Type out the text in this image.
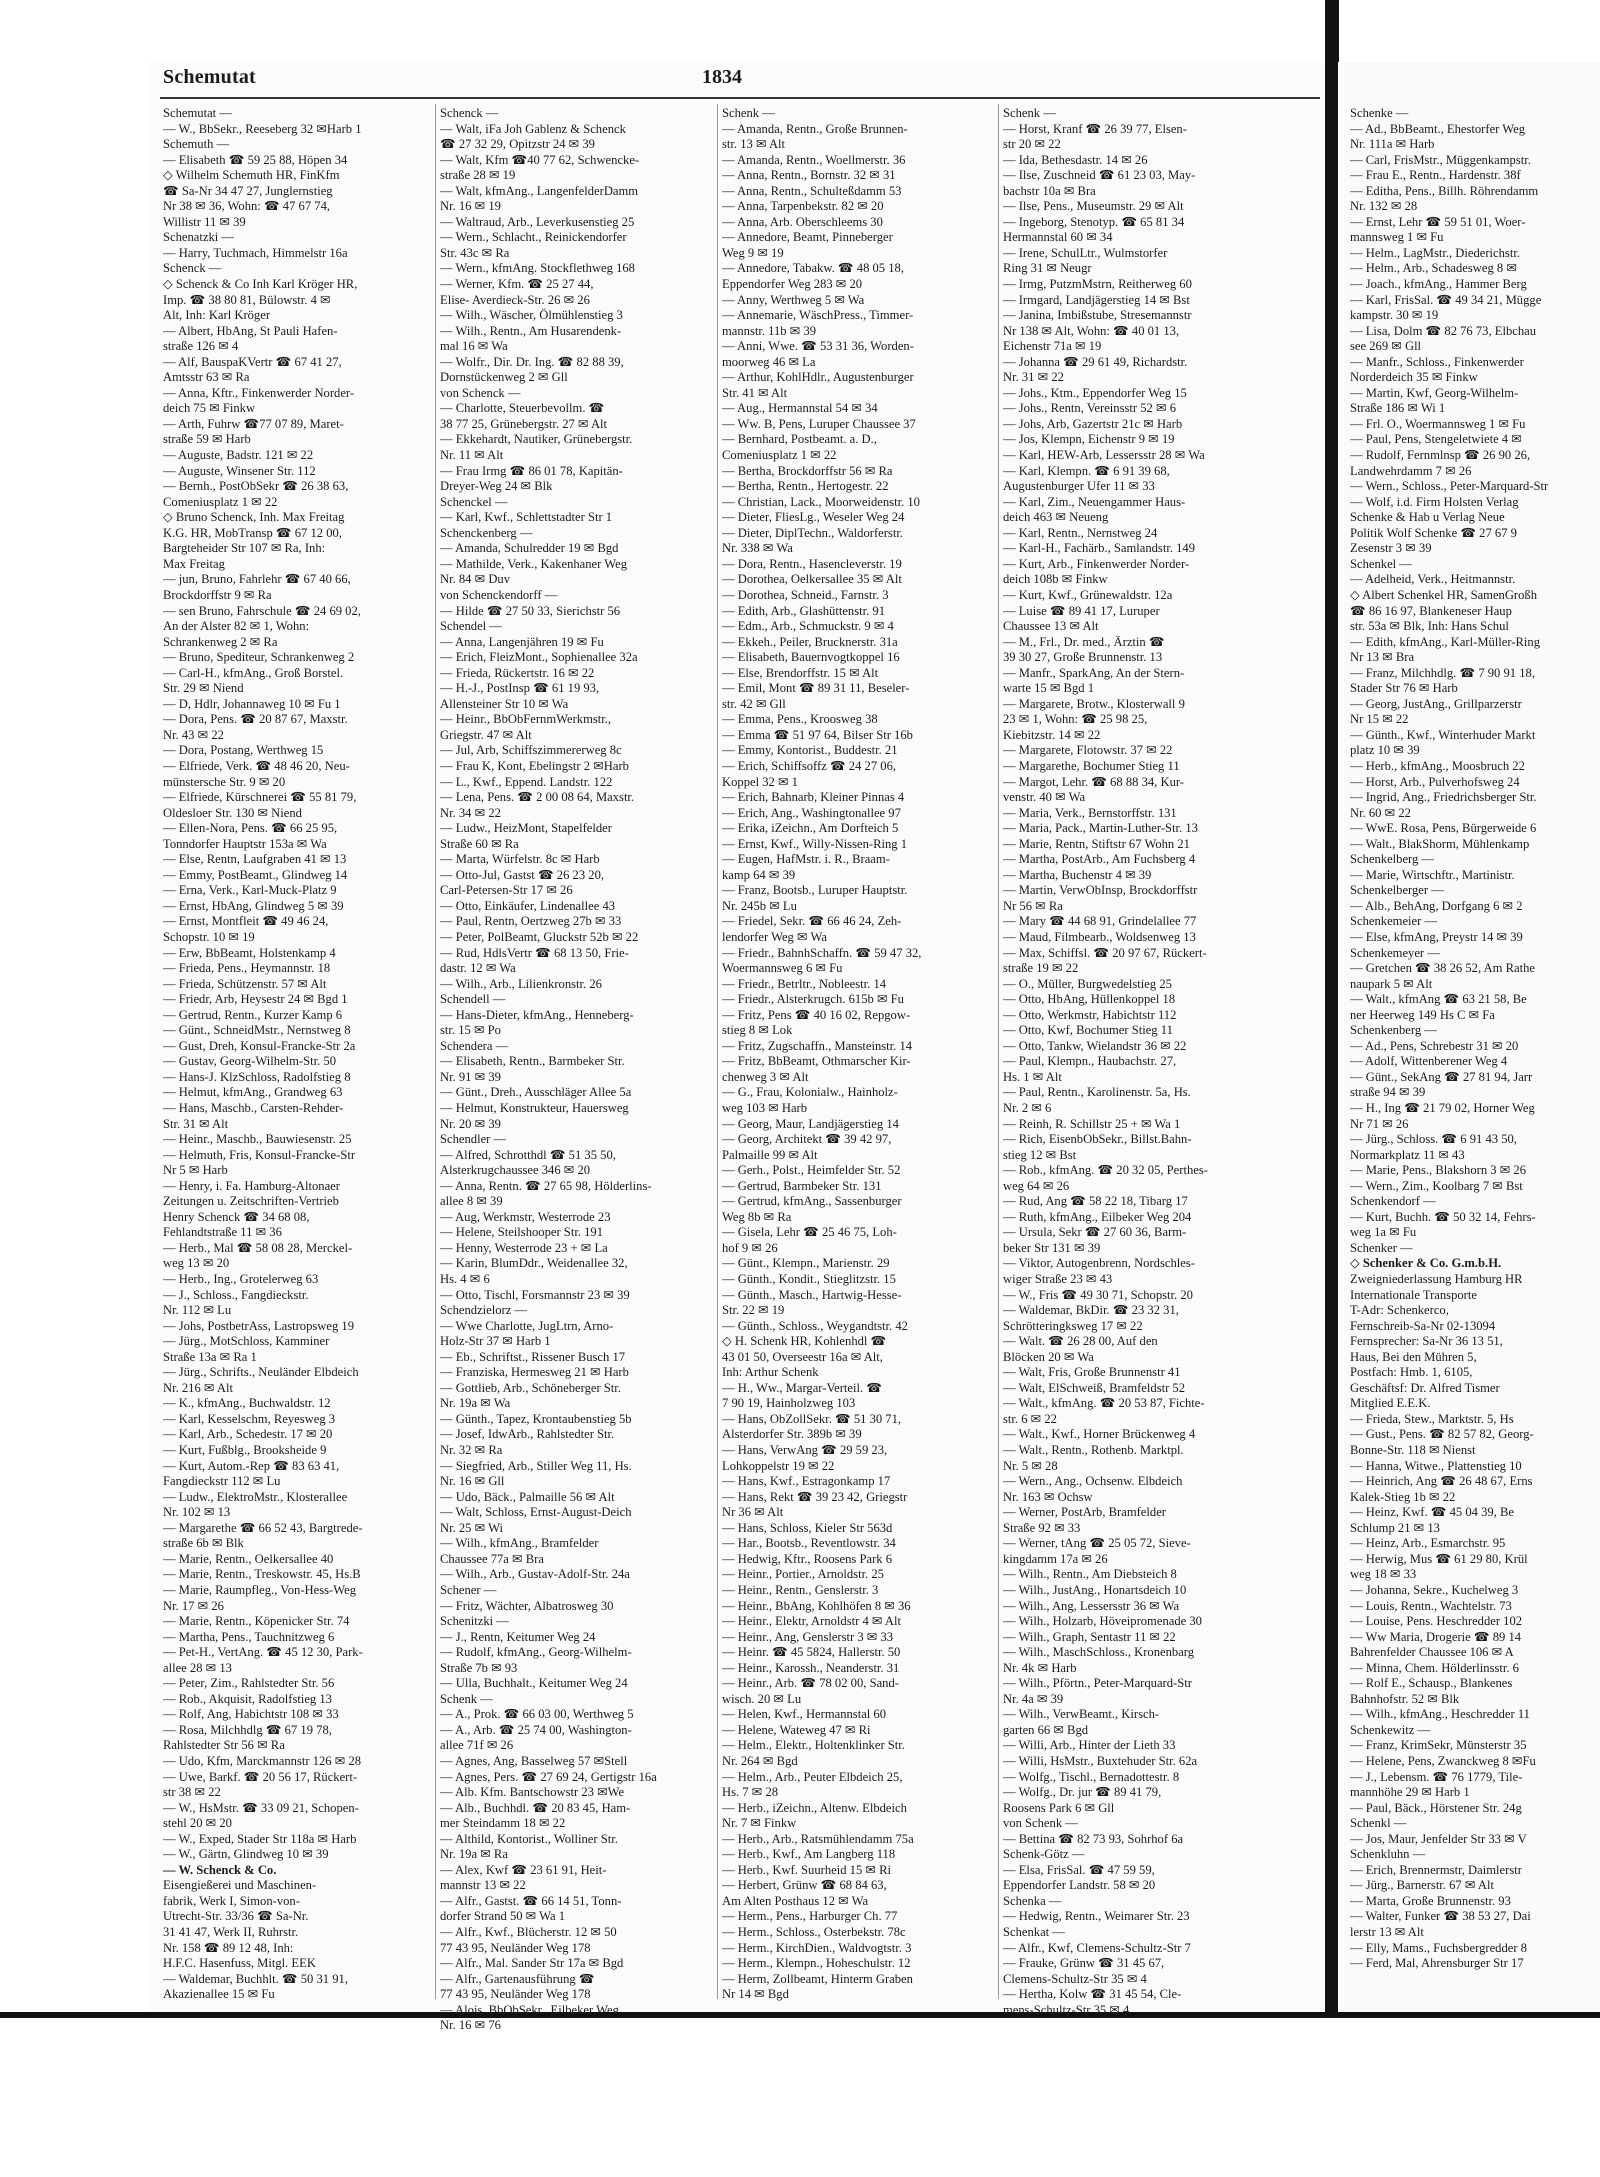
Schemutat	1834
Schemutat —
— W., BbSekr., Reeseberg 32 ✉Harb 1
Schemuth —
— Elisabeth ☎ 59 25 88, Höpen 34
◇ Wilhelm Schemuth HR, FinKfm
☎ Sa-Nr 34 47 27, Junglernstieg
Nr 38 ✉ 36, Wohn: ☎ 47 67 74,
Willistr 11 ✉ 39
Schenatzki —
— Harry, Tuchmach, Himmelstr 16a
Schenck —
◇ Schenck & Co Inh Karl Kröger HR,
Imp. ☎ 38 80 81, Bülowstr. 4 ✉
Alt, Inh: Karl Kröger
— Albert, HbAng, St Pauli Hafen-
straße 126 ✉ 4
— Alf, BauspaKVertr ☎ 67 41 27,
Amtsstr 63 ✉ Ra
— Anna, Kftr., Finkenwerder Norder-
deich 75 ✉ Finkw
— Arth, Fuhrw ☎77 07 89, Maret-
straße 59 ✉ Harb
— Auguste, Badstr. 121 ✉ 22
— Auguste, Winsener Str. 112
— Bernh., PostObSekr ☎ 26 38 63,
Comeniusplatz 1 ✉ 22
◇ Bruno Schenck, Inh. Max Freitag
K.G. HR, MobTransp ☎ 67 12 00,
Bargteheider Str 107 ✉ Ra, Inh:
Max Freitag
— jun, Bruno, Fahrlehr ☎ 67 40 66,
Brockdorffstr 9 ✉ Ra
— sen Bruno, Fahrschule ☎ 24 69 02,
An der Alster 82 ✉ 1, Wohn:
Schrankenweg 2 ✉ Ra
— Bruno, Spediteur, Schrankenweg 2
— Carl-H., kfmAng., Groß Borstel.
Str. 29 ✉ Niend
— D, Hdlr, Johannaweg 10 ✉ Fu 1
— Dora, Pens. ☎ 20 87 67, Maxstr.
Nr. 43 ✉ 22
— Dora, Postang, Werthweg 15
— Elfriede, Verk. ☎ 48 46 20, Neu-
münstersche Str. 9 ✉ 20
— Elfriede, Kürschnerei ☎ 55 81 79,
Oldesloer Str. 130 ✉ Niend
— Ellen-Nora, Pens. ☎ 66 25 95,
Tonndorfer Hauptstr 153a ✉ Wa
— Else, Rentn, Laufgraben 41 ✉ 13
— Emmy, PostBeamt., Glindweg 14
— Erna, Verk., Karl-Muck-Platz 9
— Ernst, HbAng, Glindweg 5 ✉ 39
— Ernst, Montfleit ☎ 49 46 24,
Schopstr. 10 ✉ 19
— Erw, BbBeamt, Holstenkamp 4
— Frieda, Pens., Heymannstr. 18
— Frieda, Schützenstr. 57 ✉ Alt
— Friedr, Arb, Heysestr 24 ✉ Bgd 1
— Gertrud, Rentn., Kurzer Kamp 6
— Günt., SchneidMstr., Nernstweg 8
— Gust, Dreh, Konsul-Francke-Str 2a
— Gustav, Georg-Wilhelm-Str. 50
— Hans-J. KlzSchloss, Radolfstieg 8
— Helmut, kfmAng., Grandweg 63
— Hans, Maschb., Carsten-Rehder-
Str. 31 ✉ Alt
— Heinr., Maschb., Bauwiesenstr. 25
— Helmuth, Fris, Konsul-Francke-Str
Nr 5 ✉ Harb
— Henry, i. Fa. Hamburg-Altonaer
Zeitungen u. Zeitschriften-Vertrieb
Henry Schenck ☎ 34 68 08,
Fehlandtstraße 11 ✉ 36
— Herb., Mal ☎ 58 08 28, Merckel-
weg 13 ✉ 20
— Herb., Ing., Grotelerweg 63
— J., Schloss., Fangdieckstr.
Nr. 112 ✉ Lu
— Johs, PostbetrAss, Lastropsweg 19
— Jürg., MotSchloss, Kamminer
Straße 13a ✉ Ra 1
— Jürg., Schrifts., Neuländer Elbdeich
Nr. 216 ✉ Alt
— K., kfmAng., Buchwaldstr. 12
— Karl, Kesselschm, Reyesweg 3
— Karl, Arb., Schedestr. 17 ✉ 20
— Kurt, Fußblg., Brooksheide 9
— Kurt, Autom.-Rep ☎ 83 63 41,
Fangdieckstr 112 ✉ Lu
— Ludw., ElektroMstr., Klosterallee
Nr. 102 ✉ 13
— Margarethe ☎ 66 52 43, Bargtrede-
straße 6b ✉ Blk
— Marie, Rentn., Oelkersallee 40
— Marie, Rentn., Treskowstr. 45, Hs.B
— Marie, Raumpfleg., Von-Hess-Weg
Nr. 17 ✉ 26
— Marie, Rentn., Köpenicker Str. 74
— Martha, Pens., Tauchnitzweg 6
— Pet-H., VertAng. ☎ 45 12 30, Park-
allee 28 ✉ 13
— Peter, Zim., Rahlstedter Str. 56
— Rob., Akquisit, Radolfstieg 13
— Rolf, Ang, Habichtstr 108 ✉ 33
— Rosa, Milchhdlg ☎ 67 19 78,
Rahlstedter Str 56 ✉ Ra
— Udo, Kfm, Marckmannstr 126 ✉ 28
— Uwe, Barkf. ☎ 20 56 17, Rückert-
str 38 ✉ 22
— W., HsMstr. ☎ 33 09 21, Schopen-
stehl 20 ✉ 20
— W., Exped, Stader Str 118a ✉ Harb
— W., Gärtn, Glindweg 10 ✉ 39
— W. Schenck & Co.
Eisengießerei und Maschinen-
fabrik, Werk I, Simon-von-
Utrecht-Str. 33/36 ☎ Sa-Nr.
31 41 47, Werk II, Ruhrstr.
Nr. 158 ☎ 89 12 48, Inh:
H.F.C. Hasenfuss, Mitgl. EEK
— Waldemar, Buchhlt. ☎ 50 31 91,
Akazienallee 15 ✉ Fu
Schenck —
— Walt, iFa Joh Gablenz & Schenck
☎ 27 32 29, Opitzstr 24 ✉ 39
— Walt, Kfm ☎40 77 62, Schwencke-
straße 28 ✉ 19
— Walt, kfmAng., LangenfelderDamm
Nr. 16 ✉ 19
— Waltraud, Arb., Leverkusenstieg 25
— Wern., Schlacht., Reinickendorfer
Str. 43c ✉ Ra
— Wern., kfmAng. Stockflethweg 168
— Werner, Kfm. ☎ 25 27 44,
Elise- Averdieck-Str. 26 ✉ 26
— Wilh., Wäscher, Ölmühlenstieg 3
— Wilh., Rentn., Am Husarendenk-
mal 16 ✉ Wa
— Wolfr., Dir. Dr. Ing. ☎ 82 88 39,
Dornstückenweg 2 ✉ Gll
von Schenck —
— Charlotte, Steuerbevollm. ☎
38 77 25, Grünebergstr. 27 ✉ Alt
— Ekkehardt, Nautiker, Grünebergstr.
Nr. 11 ✉ Alt
— Frau Irmg ☎ 86 01 78, Kapitän-
Dreyer-Weg 24 ✉ Blk
Schenckel —
— Karl, Kwf., Schlettstadter Str 1
Schenckenberg —
— Amanda, Schulredder 19 ✉ Bgd
— Mathilde, Verk., Kakenhaner Weg
Nr. 84 ✉ Duv
von Schenckendorff —
— Hilde ☎ 27 50 33, Sierichstr 56
Schendel —
— Anna, Langenjähren 19 ✉ Fu
— Erich, FleizMont., Sophienallee 32a
— Frieda, Rückertstr. 16 ✉ 22
— H.-J., PostInsp ☎ 61 19 93,
Allensteiner Str 10 ✉ Wa
— Heinr., BbObFernmWerkmstr.,
Griegstr. 47 ✉ Alt
— Jul, Arb, Schiffszimmererweg 8c
— Frau K, Kont, Ebelingstr 2 ✉Harb
— L., Kwf., Eppend. Landstr. 122
— Lena, Pens. ☎ 2 00 08 64, Maxstr.
Nr. 34 ✉ 22
— Ludw., HeizMont, Stapelfelder
Straße 60 ✉ Ra
— Marta, Würfelstr. 8c ✉ Harb
— Otto-Jul, Gastst ☎ 26 23 20,
Carl-Petersen-Str 17 ✉ 26
— Otto, Einkäufer, Lindenallee 43
— Paul, Rentn, Oertzweg 27b ✉ 33
— Peter, PolBeamt, Gluckstr 52b ✉ 22
— Rud, HdlsVertr ☎ 68 13 50, Frie-
dastr. 12 ✉ Wa
— Wilh., Arb., Lilienkronstr. 26
Schendell —
— Hans-Dieter, kfmAng., Henneberg-
str. 15 ✉ Po
Schendera —
— Elisabeth, Rentn., Barmbeker Str.
Nr. 91 ✉ 39
— Günt., Dreh., Ausschläger Allee 5a
— Helmut, Konstrukteur, Hauersweg
Nr. 20 ✉ 39
Schendler —
— Alfred, Schrotthdl ☎ 51 35 50,
Alsterkrugchaussee 346 ✉ 20
— Anna, Rentn. ☎ 27 65 98, Hölderlins-
allee 8 ✉ 39
— Aug, Werkmstr, Westerrode 23
— Helene, Steilshooper Str. 191
— Henny, Westerrode 23 + ✉ La
— Karin, BlumDdr., Weidenallee 32,
Hs. 4 ✉ 6
— Otto, Tischl, Forsmannstr 23 ✉ 39
Schendzielorz —
— Wwe Charlotte, JugLtrn, Arno-
Holz-Str 37 ✉ Harb 1
— Eb., Schriftst., Rissener Busch 17
— Franziska, Hermesweg 21 ✉ Harb
— Gottlieb, Arb., Schöneberger Str.
Nr. 19a ✉ Wa
— Günth., Tapez, Krontaubenstieg 5b
— Josef, IdwArb., Rahlstedter Str.
Nr. 32 ✉ Ra
— Siegfried, Arb., Stiller Weg 11, Hs.
Nr. 16 ✉ Gll
— Udo, Bäck., Palmaille 56 ✉ Alt
— Walt, Schloss, Ernst-August-Deich
Nr. 25 ✉ Wi
— Wilh., kfmAng., Bramfelder
Chaussee 77a ✉ Bra
— Wilh., Arb., Gustav-Adolf-Str. 24a
Schener —
— Fritz, Wächter, Albatrosweg 30
Schenitzki —
— J., Rentn, Keitumer Weg 24
— Rudolf, kfmAng., Georg-Wilhelm-
Straße 7b ✉ 93
— Ulla, Buchhalt., Keitumer Weg 24
Schenk —
— A., Prok. ☎ 66 03 00, Werthweg 5
— A., Arb. ☎ 25 74 00, Washington-
allee 71f ✉ 26
— Agnes, Ang, Basselweg 57 ✉Stell
— Agnes, Pers. ☎ 27 69 24, Gertigstr 16a
— Alb. Kfm. Bantschowstr 23 ✉We
— Alb., Buchhdl. ☎ 20 83 45, Ham-
mer Steindamm 18 ✉ 22
— Althild, Kontorist., Wolliner Str.
Nr. 19a ✉ Ra
— Alex, Kwf ☎ 23 61 91, Heit-
mannstr 13 ✉ 22
— Alfr., Gastst. ☎ 66 14 51, Tonn-
dorfer Strand 50 ✉ Wa 1
— Alfr., Kwf., Blücherstr. 12 ✉ 50
77 43 95, Neuländer Weg 178
— Alfr., Mal. Sander Str 17a ✉ Bgd
— Alfr., Gartenausführung ☎
77 43 95, Neuländer Weg 178
— Alois, BbObSekr., Eilbeker Weg
Nr. 16 ✉ 76
Schenk —
— Amanda, Rentn., Große Brunnen-
str. 13 ✉ Alt
— Amanda, Rentn., Woellmerstr. 36
— Anna, Rentn., Bornstr. 32 ✉ 31
— Anna, Rentn., Schulteßdamm 53
— Anna, Tarpenbekstr. 82 ✉ 20
— Anna, Arb. Oberschleems 30
— Annedore, Beamt, Pinneberger
Weg 9 ✉ 19
— Annedore, Tabakw. ☎ 48 05 18,
Eppendorfer Weg 283 ✉ 20
— Anny, Werthweg 5 ✉ Wa
— Annemarie, WäschPress., Timmer-
mannstr. 11b ✉ 39
— Anni, Wwe. ☎ 53 31 36, Worden-
moorweg 46 ✉ La
— Arthur, KohlHdlr., Augustenburger
Str. 41 ✉ Alt
— Aug., Hermannstal 54 ✉ 34
— Ww. B, Pens, Luruper Chaussee 37
— Bernhard, Postbeamt. a. D.,
Comeniusplatz 1 ✉ 22
— Bertha, Brockdorffstr 56 ✉ Ra
— Bertha, Rentn., Hertogestr. 22
— Christian, Lack., Moorweidenstr. 10
— Dieter, FliesLg., Weseler Weg 24
— Dieter, DiplTechn., Waldorferstr.
Nr. 338 ✉ Wa
— Dora, Rentn., Hasencleverstr. 19
— Dorothea, Oelkersallee 35 ✉ Alt
— Dorothea, Schneid., Farnstr. 3
— Edith, Arb., Glashüttenstr. 91
— Edm., Arb., Schmuckstr. 9 ✉ 4
— Ekkeh., Peiler, Brucknerstr. 31a
— Elisabeth, Bauernvogtkoppel 16
— Else, Brendorffstr. 15 ✉ Alt
— Emil, Mont ☎ 89 31 11, Beseler-
str. 42 ✉ Gll
— Emma, Pens., Kroosweg 38
— Emma ☎ 51 97 64, Bilser Str 16b
— Emmy, Kontorist., Buddestr. 21
— Erich, Schiffsoffz ☎ 24 27 06,
Koppel 32 ✉ 1
— Erich, Bahnarb, Kleiner Pinnas 4
— Erich, Ang., Washingtonallee 97
— Erika, iZeichn., Am Dorfteich 5
— Ernst, Kwf., Willy-Nissen-Ring 1
— Eugen, HafMstr. i. R., Braam-
kamp 64 ✉ 39
— Franz, Bootsb., Luruper Hauptstr.
Nr. 245b ✉ Lu
— Friedel, Sekr. ☎ 66 46 24, Zeh-
lendorfer Weg ✉ Wa
— Friedr., BahnhSchaffn. ☎ 59 47 32,
Woermannsweg 6 ✉ Fu
— Friedr., Betrltr., Nobleestr. 14
— Friedr., Alsterkrugch. 615b ✉ Fu
— Fritz, Pens ☎ 40 16 02, Repgow-
stieg 8 ✉ Lok
— Fritz, Zugschaffn., Mansteinstr. 14
— Fritz, BbBeamt, Othmarscher Kir-
chenweg 3 ✉ Alt
— G., Frau, Kolonialw., Hainholz-
weg 103 ✉ Harb
— Georg, Maur, Landjägerstieg 14
— Georg, Architekt ☎ 39 42 97,
Palmaille 99 ✉ Alt
— Gerh., Polst., Heimfelder Str. 52
— Gertrud, Barmbeker Str. 131
— Gertrud, kfmAng., Sassenburger
Weg 8b ✉ Ra
— Gisela, Lehr ☎ 25 46 75, Loh-
hof 9 ✉ 26
— Günt., Klempn., Marienstr. 29
— Günth., Kondit., Stieglitzstr. 15
— Günth., Masch., Hartwig-Hesse-
Str. 22 ✉ 19
— Günth., Schloss., Weygandtstr. 42
◇ H. Schenk HR, Kohlenhdl ☎
43 01 50, Overseestr 16a ✉ Alt,
Inh: Arthur Schenk
— H., Ww., Margar-Verteil. ☎
7 90 19, Hainholzweg 103
— Hans, ObZollSekr. ☎ 51 30 71,
Alsterdorfer Str. 389b ✉ 39
— Hans, VerwAng ☎ 29 59 23,
Lohkoppelstr 19 ✉ 22
— Hans, Kwf., Estragonkamp 17
— Hans, Rekt ☎ 39 23 42, Griegstr
Nr 36 ✉ Alt
— Hans, Schloss, Kieler Str 563d
— Har., Bootsb., Reventlowstr. 34
— Hedwig, Kftr., Roosens Park 6
— Heinr., Portier., Arnoldstr. 25
— Heinr., Rentn., Genslerstr. 3
— Heinr., BbAng, Kohlhöfen 8 ✉ 36
— Heinr., Elektr, Arnoldstr 4 ✉ Alt
— Heinr., Ang, Genslerstr 3 ✉ 33
— Heinr. ☎ 45 5824, Hallerstr. 50
— Heinr., Karossh., Neanderstr. 31
— Heinr., Arb. ☎ 78 02 00, Sand-
wisch. 20 ✉ Lu
— Helen, Kwf., Hermannstal 60
— Helene, Wateweg 47 ✉ Ri
— Helm., Elektr., Holtenklinker Str.
Nr. 264 ✉ Bgd
— Helm., Arb., Peuter Elbdeich 25,
Hs. 7 ✉ 28
— Herb., iZeichn., Altenw. Elbdeich
Nr. 7 ✉ Finkw
— Herb., Arb., Ratsmühlendamm 75a
— Herb., Kwf., Am Langberg 118
— Herb., Kwf. Suurheid 15 ✉ Ri
— Herbert, Grünw ☎ 68 84 63,
Am Alten Posthaus 12 ✉ Wa
— Herm., Pens., Harburger Ch. 77
— Herm., Schloss., Osterbekstr. 78c
— Herm., KirchDien., Waldvogtstr. 3
— Herm., Klempn., Hoheschulstr. 12
— Herm, Zollbeamt, Hinterm Graben
Nr 14 ✉ Bgd
Schenk —
— Horst, Kranf ☎ 26 39 77, Elsen-
str 20 ✉ 22
— Ida, Bethesdastr. 14 ✉ 26
— Ilse, Zuschneid ☎ 61 23 03, May-
bachstr 10a ✉ Bra
— Ilse, Pens., Museumstr. 29 ✉ Alt
— Ingeborg, Stenotyp. ☎ 65 81 34
Hermannstal 60 ✉ 34
— Irene, SchulLtr., Wulmstorfer
Ring 31 ✉ Neugr
— Irmg, PutzmMstrn, Reitherweg 60
— Irmgard, Landjägerstieg 14 ✉ Bst
— Janina, Imbißstube, Stresemannstr
Nr 138 ✉ Alt, Wohn: ☎ 40 01 13,
Eichenstr 71a ✉ 19
— Johanna ☎ 29 61 49, Richardstr.
Nr. 31 ✉ 22
— Johs., Ktm., Eppendorfer Weg 15
— Johs., Rentn, Vereinsstr 52 ✉ 6
— Johs, Arb, Gazertstr 21c ✉ Harb
— Jos, Klempn, Eichenstr 9 ✉ 19
— Karl, HEW-Arb, Lessersstr 28 ✉ Wa
— Karl, Klempn. ☎ 6 91 39 68,
Augustenburger Ufer 11 ✉ 33
— Karl, Zim., Neuengammer Haus-
deich 463 ✉ Neueng
— Karl, Rentn., Nernstweg 24
— Karl-H., Fachärb., Samlandstr. 149
— Kurt, Arb., Finkenwerder Norder-
deich 108b ✉ Finkw
— Kurt, Kwf., Grünewaldstr. 12a
— Luise ☎ 89 41 17, Luruper
Chaussee 13 ✉ Alt
— M., Frl., Dr. med., Ärztin ☎
39 30 27, Große Brunnenstr. 13
— Manfr., SparkAng, An der Stern-
warte 15 ✉ Bgd 1
— Margarete, Brotw., Klosterwall 9
23 ✉ 1, Wohn: ☎ 25 98 25,
Kiebitzstr. 14 ✉ 22
— Margarete, Flotowstr. 37 ✉ 22
— Margarethe, Bochumer Stieg 11
— Margot, Lehr. ☎ 68 88 34, Kur-
venstr. 40 ✉ Wa
— Maria, Verk., Bernstorffstr. 131
— Maria, Pack., Martin-Luther-Str. 13
— Marie, Rentn, Stiftstr 67 Wohn 21
— Martha, PostArb., Am Fuchsberg 4
— Martha, Buchenstr 4 ✉ 39
— Martin, VerwObInsp, Brockdorffstr
Nr 56 ✉ Ra
— Mary ☎ 44 68 91, Grindelallee 77
— Maud, Filmbearb., Woldsenweg 13
— Max, Schiffsl. ☎ 20 97 67, Rückert-
straße 19 ✉ 22
— O., Müller, Burgwedelstieg 25
— Otto, HbAng, Hüllenkoppel 18
— Otto, Werkmstr, Habichtstr 112
— Otto, Kwf, Bochumer Stieg 11
— Otto, Tankw, Wielandstr 36 ✉ 22
— Paul, Klempn., Haubachstr. 27,
Hs. 1 ✉ Alt
— Paul, Rentn., Karolinenstr. 5a, Hs.
Nr. 2 ✉ 6
— Reinh, R. Schillstr 25 + ✉ Wa 1
— Rich, EisenbObSekr., Billst.Bahn-
stieg 12 ✉ Bst
— Rob., kfmAng. ☎ 20 32 05, Perthes-
weg 64 ✉ 26
— Rud, Ang ☎ 58 22 18, Tibarg 17
— Ruth, kfmAng., Eilbeker Weg 204
— Ursula, Sekr ☎ 27 60 36, Barm-
beker Str 131 ✉ 39
— Viktor, Autogenbrenn, Nordschles-
wiger Straße 23 ✉ 43
— W., Fris ☎ 49 30 71, Schopstr. 20
— Waldemar, BkDir. ☎ 23 32 31,
Schrötteringksweg 17 ✉ 22
— Walt. ☎ 26 28 00, Auf den
Blöcken 20 ✉ Wa
— Walt, Fris, Große Brunnenstr 41
— Walt, ElSchweiß, Bramfeldstr 52
— Walt., kfmAng. ☎ 20 53 87, Fichte-
str. 6 ✉ 22
— Walt., Kwf., Horner Brückenweg 4
— Walt., Rentn., Rothenb. Marktpl.
Nr. 5 ✉ 28
— Wern., Ang., Ochsenw. Elbdeich
Nr. 163 ✉ Ochsw
— Werner, PostArb, Bramfelder
Straße 92 ✉ 33
— Werner, tAng ☎ 25 05 72, Sieve-
kingdamm 17a ✉ 26
— Wilh., Rentn., Am Diebsteich 8
— Wilh., JustAng., Honartsdeich 10
— Wilh., Ang, Lessersstr 36 ✉ Wa
— Wilh., Holzarb, Höveipromenade 30
— Wilh., Graph, Sentastr 11 ✉ 22
— Wilh., MaschSchloss., Kronenbarg
Nr. 4k ✉ Harb
— Wilh., Pförtn., Peter-Marquard-Str
Nr. 4a ✉ 39
— Wilh., VerwBeamt., Kirsch-
garten 66 ✉ Bgd
— Willi, Arb., Hinter der Lieth 33
— Willi, HsMstr., Buxtehuder Str. 62a
— Wolfg., Tischl., Bernadottestr. 8
— Wolfg., Dr. jur ☎ 89 41 79,
Roosens Park 6 ✉ Gll
von Schenk —
— Bettina ☎ 82 73 93, Sohrhof 6a
Schenk-Götz —
— Elsa, FrisSal. ☎ 47 59 59,
Eppendorfer Landstr. 58 ✉ 20
Schenka —
— Hedwig, Rentn., Weimarer Str. 23
Schenkat —
— Alfr., Kwf, Clemens-Schultz-Str 7
— Frauke, Grünw ☎ 31 45 67,
Clemens-Schultz-Str 35 ✉ 4
— Hertha, Kolw ☎ 31 45 54, Cle-
mens-Schultz-Str 35 ✉ 4
Schenke —
— Ad., BbBeamt., Ehestorfer Weg
Nr. 111a ✉ Harb
— Carl, FrisMstr., Müggenkampstr.
— Frau E., Rentn., Hardenstr. 38f
— Editha, Pens., Billh. Röhrendamm
Nr. 132 ✉ 28
— Ernst, Lehr ☎ 59 51 01, Woer-
mannsweg 1 ✉ Fu
— Helm., LagMstr., Diederichstr.
— Helm., Arb., Schadesweg 8 ✉
— Joach., kfmAng., Hammer Berg
— Karl, FrisSal. ☎ 49 34 21, Mügge
kampstr. 30 ✉ 19
— Lisa, Dolm ☎ 82 76 73, Elbchau
see 269 ✉ Gll
— Manfr., Schloss., Finkenwerder
Norderdeich 35 ✉ Finkw
— Martin, Kwf, Georg-Wilhelm-
Straße 186 ✉ Wi 1
— Frl. O., Woermannsweg 1 ✉ Fu
— Paul, Pens, Stengeletwiete 4 ✉
— Rudolf, Fernmlnsp ☎ 26 90 26,
Landwehrdamm 7 ✉ 26
— Wern., Schloss., Peter-Marquard-Str
— Wolf, i.d. Firm Holsten Verlag
Schenke & Hab u Verlag Neue
Politik Wolf Schenke ☎ 27 67 9
Zesenstr 3 ✉ 39
Schenkel —
— Adelheid, Verk., Heitmannstr.
◇ Albert Schenkel HR, SamenGroßh
☎ 86 16 97, Blankeneser Haup
str. 53a ✉ Blk, Inh: Hans Schul
— Edith, kfmAng., Karl-Müller-Ring
Nr 13 ✉ Bra
— Franz, Milchhdlg. ☎ 7 90 91 18,
Stader Str 76 ✉ Harb
— Georg, JustAng., Grillparzerstr
Nr 15 ✉ 22
— Günth., Kwf., Winterhuder Markt
platz 10 ✉ 39
— Herb., kfmAng., Moosbruch 22
— Horst, Arb., Pulverhofsweg 24
— Ingrid, Ang., Friedrichsberger Str.
Nr. 60 ✉ 22
— WwE. Rosa, Pens, Bürgerweide 6
— Walt., BlakShorm, Mühlenkamp
Schenkelberg —
— Marie, Wirtschftr., Martinistr.
Schenkelberger —
— Alb., BehAng, Dorfgang 6 ✉ 2
Schenkemeier —
— Else, kfmAng, Preystr 14 ✉ 39
Schenkemeyer —
— Gretchen ☎ 38 26 52, Am Rathe
naupark 5 ✉ Alt
— Walt., kfmAng ☎ 63 21 58, Be
ner Heerweg 149 Hs C ✉ Fa
Schenkenberg —
— Ad., Pens, Schrebestr 31 ✉ 20
— Adolf, Wittenberener Weg 4
— Günt., SekAng ☎ 27 81 94, Jarr
straße 94 ✉ 39
— H., Ing ☎ 21 79 02, Horner Weg
Nr 71 ✉ 26
— Jürg., Schloss. ☎ 6 91 43 50,
Normarkplatz 11 ✉ 43
— Marie, Pens., Blakshorn 3 ✉ 26
— Wern., Zim., Koolbarg 7 ✉ Bst
Schenkendorf —
— Kurt, Buchh. ☎ 50 32 14, Fehrs-
weg 1a ✉ Fu
Schenker —
◇ Schenker & Co. G.m.b.H.
Zweigniederlassung Hamburg HR
Internationale Transporte
T-Adr: Schenkerco,
Fernschreib-Sa-Nr 02-13094
Fernsprecher: Sa-Nr 36 13 51,
Haus, Bei den Mühren 5,
Postfach: Hmb. 1, 6105,
Geschäftsf: Dr. Alfred Tismer
Mitglied E.E.K.
— Frieda, Stew., Marktstr. 5, Hs
— Gust., Pens. ☎ 82 57 82, Georg-
Bonne-Str. 118 ✉ Nienst
— Hanna, Witwe., Plattenstieg 10
— Heinrich, Ang ☎ 26 48 67, Erns
Kalek-Stieg 1b ✉ 22
— Heinz, Kwf. ☎ 45 04 39, Be
Schlump 21 ✉ 13
— Heinz, Arb., Esmarchstr. 95
— Herwig, Mus ☎ 61 29 80, Krül
weg 18 ✉ 33
— Johanna, Sekre., Kuchelweg 3
— Louis, Rentn., Wachtelstr. 73
— Louise, Pens. Heschredder 102
— Ww Maria, Drogerie ☎ 89 14
Bahrenfelder Chaussee 106 ✉ A
— Minna, Chem. Hölderlinsstr. 6
— Rolf E., Schausp., Blankenes
Bahnhofstr. 52 ✉ Blk
— Wilh., kfmAng., Heschredder 11
Schenkewitz —
— Franz, KrimSekr, Münsterstr 35
— Helene, Pens, Zwanckweg 8 ✉Fu
— J., Lebensm. ☎ 76 1779, Tile-
mannhöhe 29 ✉ Harb 1
— Paul, Bäck., Hörstener Str. 24g
Schenkl —
— Jos, Maur, Jenfelder Str 33 ✉ V
Schenkluhn —
— Erich, Brennermstr, Daimlerstr
— Jürg., Barnerstr. 67 ✉ Alt
— Marta, Große Brunnenstr. 93
— Walter, Funker ☎ 38 53 27, Dai
lerstr 13 ✉ Alt
— Elly, Mams., Fuchsbergredder 8
— Ferd, Mal, Ahrensburger Str 17
